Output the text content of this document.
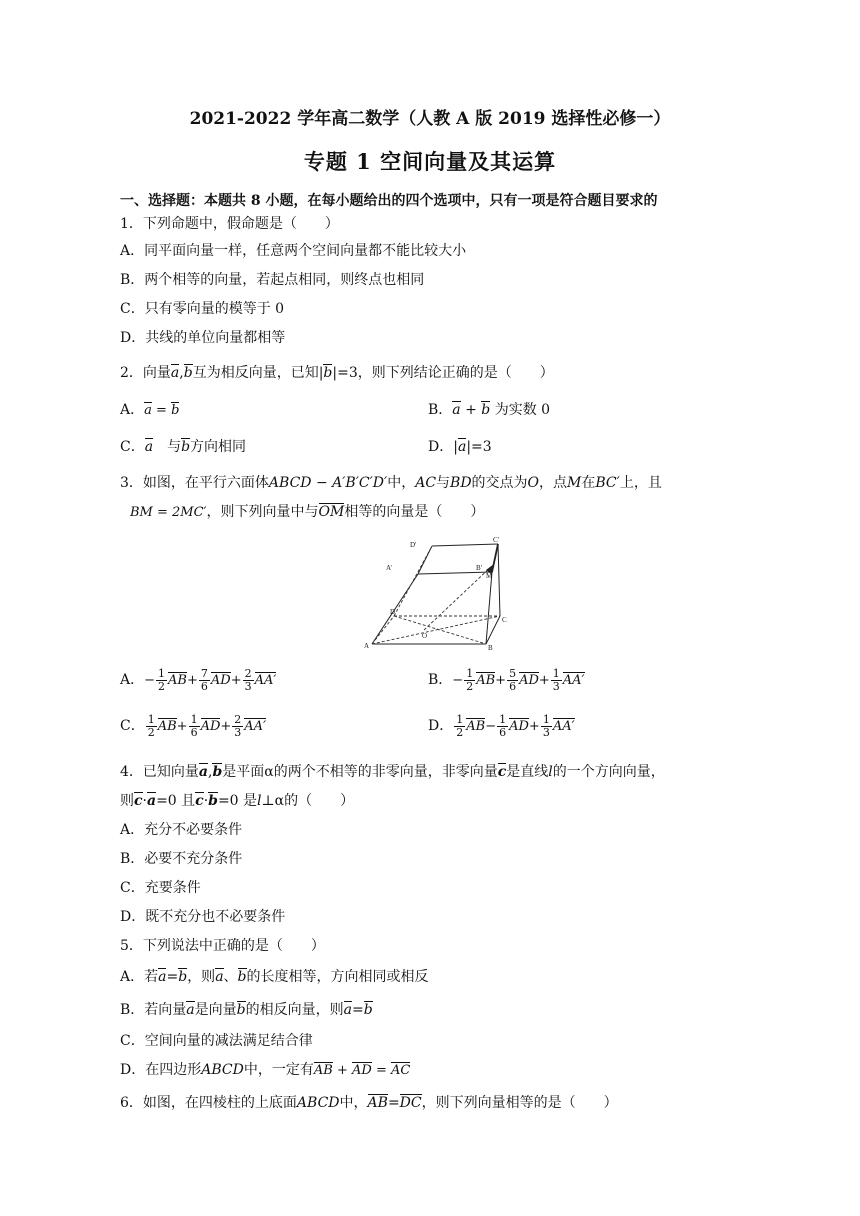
2021-2022 学年高二数学（人教 A 版 2019 选择性必修一）
专题 1 空间向量及其运算
一、选择题：本题共 8 小题，在每小题给出的四个选项中，只有一项是符合题目要求的
1．下列命题中，假命题是（　　）
A．同平面向量一样，任意两个空间向量都不能比较大小
B．两个相等的向量，若起点相同，则终点也相同
C．只有零向量的模等于 0
D．共线的单位向量都相等
2．向量a,b互为相反向量，已知|b|=3，则下列结论正确的是（　　）
A．a = b	B．a + b 为实数 0
C．a　与b方向相同	D．|a|=3
3．如图，在平行六面体ABCD − A′B′C′D′中，AC与BD的交点为O，点M在BC′上，且
BM = 2MC′，则下列向量中与OM相等的向量是（　　）
D′
C′
A′	B′
M
D
C
O
A	B
A．− $\frac{1}{2} AB+ \frac{7}{6} AD+ \frac{2}{3} AA'$	B．− $\frac{1}{2} AB+ \frac{5}{6} AD+ \frac{1}{3} AA'$
C． $\frac{1}{2} AB+ \frac{1}{6} AD+ \frac{2}{3} AA'$	D． $\frac{1}{2} AB- \frac{1}{6} AD+ \frac{1}{3} AA'$
4．已知向量a,b是平面α的两个不相等的非零向量，非零向量c是直线l的一个方向向量，
则c·a=0 且c·b=0 是l⊥α的（　　）
A．充分不必要条件
B．必要不充分条件
C．充要条件
D．既不充分也不必要条件
5．下列说法中正确的是（　　）
A．若a=b，则a、b的长度相等，方向相同或相反
B．若向量a是向量b的相反向量，则a=b
C．空间向量的减法满足结合律
D．在四边形ABCD中，一定有AB + AD = AC
6．如图，在四棱柱的上底面ABCD中，AB=DC，则下列向量相等的是（　　）
